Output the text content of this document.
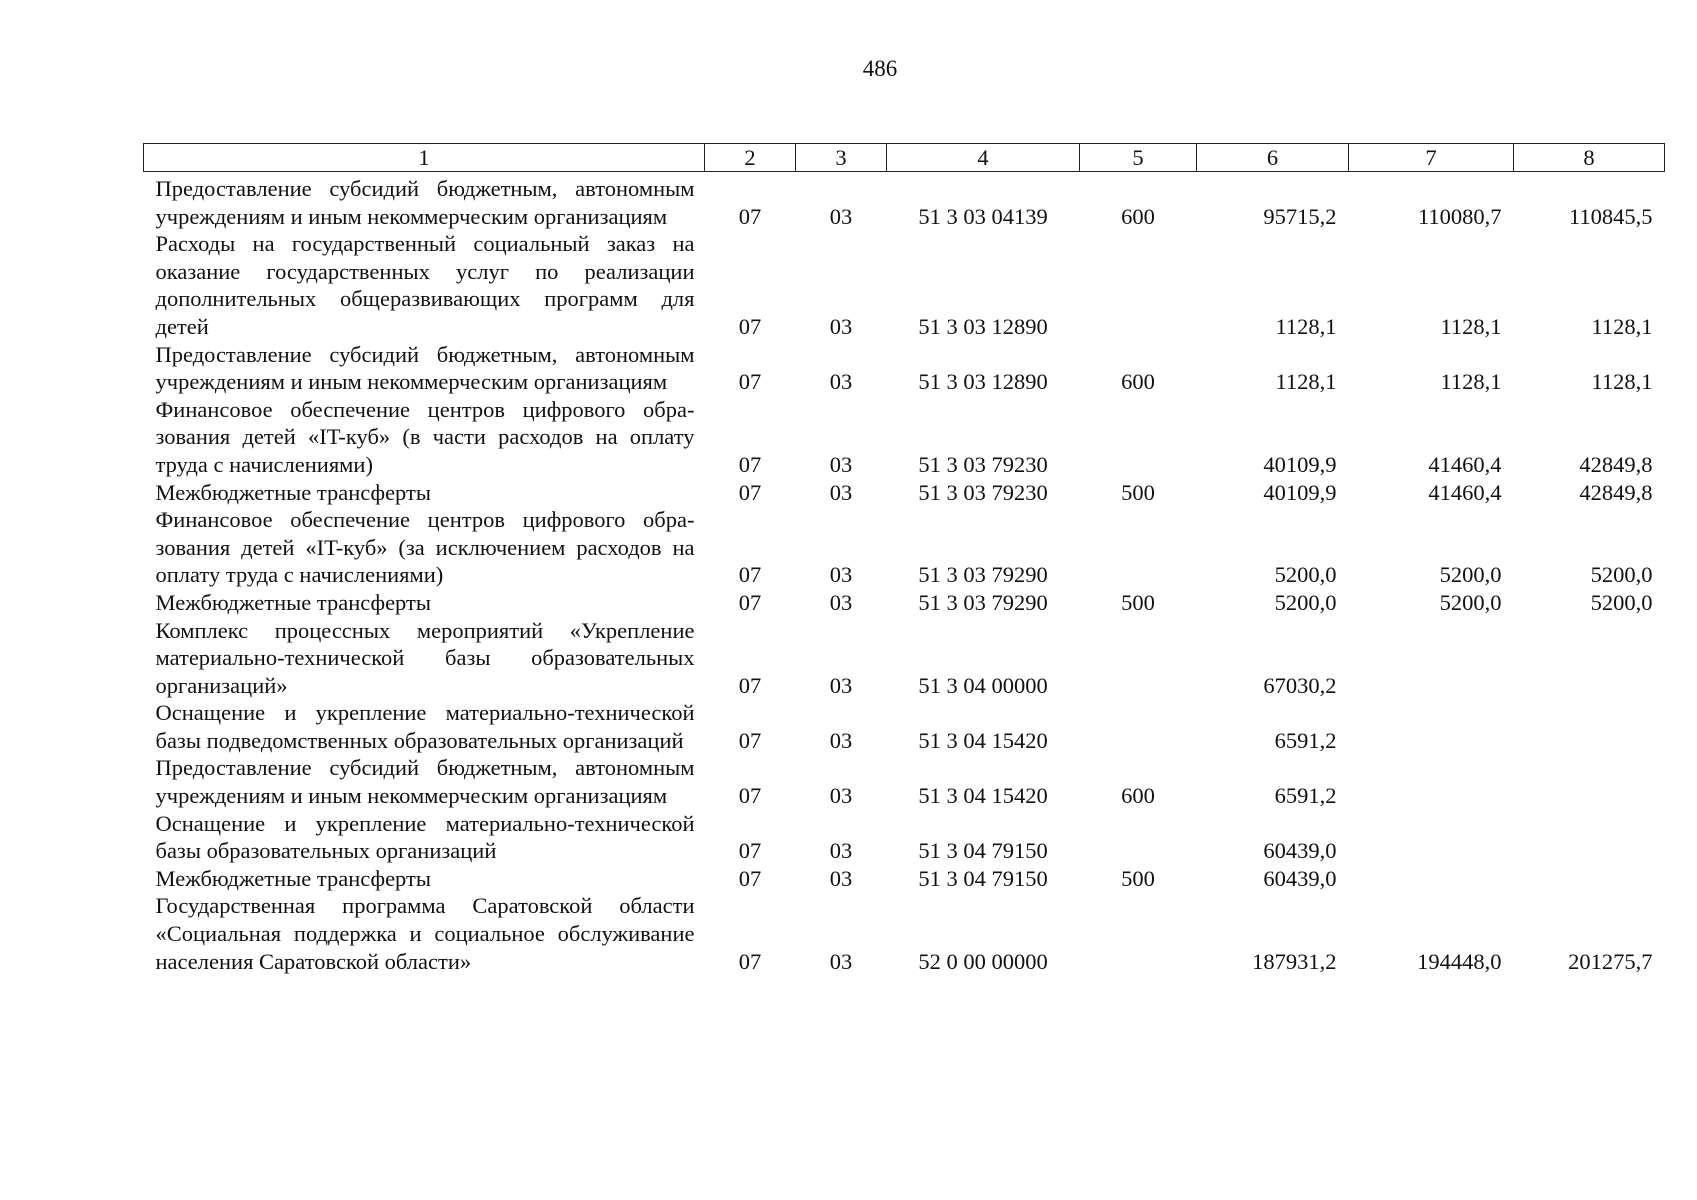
486
1	2	3	4	5	6	7	8
Предоставление субсидий бюджетным, автономным учреждениям и иным некоммерческим организациям	07	03	51 3 03 04139	600	95715,2	110080,7	110845,5
Расходы на государственный социальный заказ на оказание государственных услуг по реализации дополнительных общеразвивающих программ для детей	07	03	51 3 03 12890		1128,1	1128,1	1128,1
Предоставление субсидий бюджетным, автономным учреждениям и иным некоммерческим организациям	07	03	51 3 03 12890	600	1128,1	1128,1	1128,1
Финансовое обеспечение центров цифрового образования детей «IT-куб» (в части расходов на оплату труда с начислениями)	07	03	51 3 03 79230		40109,9	41460,4	42849,8
Межбюджетные трансферты	07	03	51 3 03 79230	500	40109,9	41460,4	42849,8
Финансовое обеспечение центров цифрового образования детей «IT-куб» (за исключением расходов на оплату труда с начислениями)	07	03	51 3 03 79290		5200,0	5200,0	5200,0
Межбюджетные трансферты	07	03	51 3 03 79290	500	5200,0	5200,0	5200,0
Комплекс процессных мероприятий «Укрепление материально-технической базы образовательных организаций»	07	03	51 3 04 00000		67030,2		
Оснащение и укрепление материально-технической базы подведомственных образовательных организаций	07	03	51 3 04 15420		6591,2		
Предоставление субсидий бюджетным, автономным учреждениям и иным некоммерческим организациям	07	03	51 3 04 15420	600	6591,2		
Оснащение и укрепление материально-технической базы образовательных организаций	07	03	51 3 04 79150		60439,0		
Межбюджетные трансферты	07	03	51 3 04 79150	500	60439,0		
Государственная программа Саратовской области «Социальная поддержка и социальное обслуживание населения Саратовской области»	07	03	52 0 00 00000		187931,2	194448,0	201275,7
